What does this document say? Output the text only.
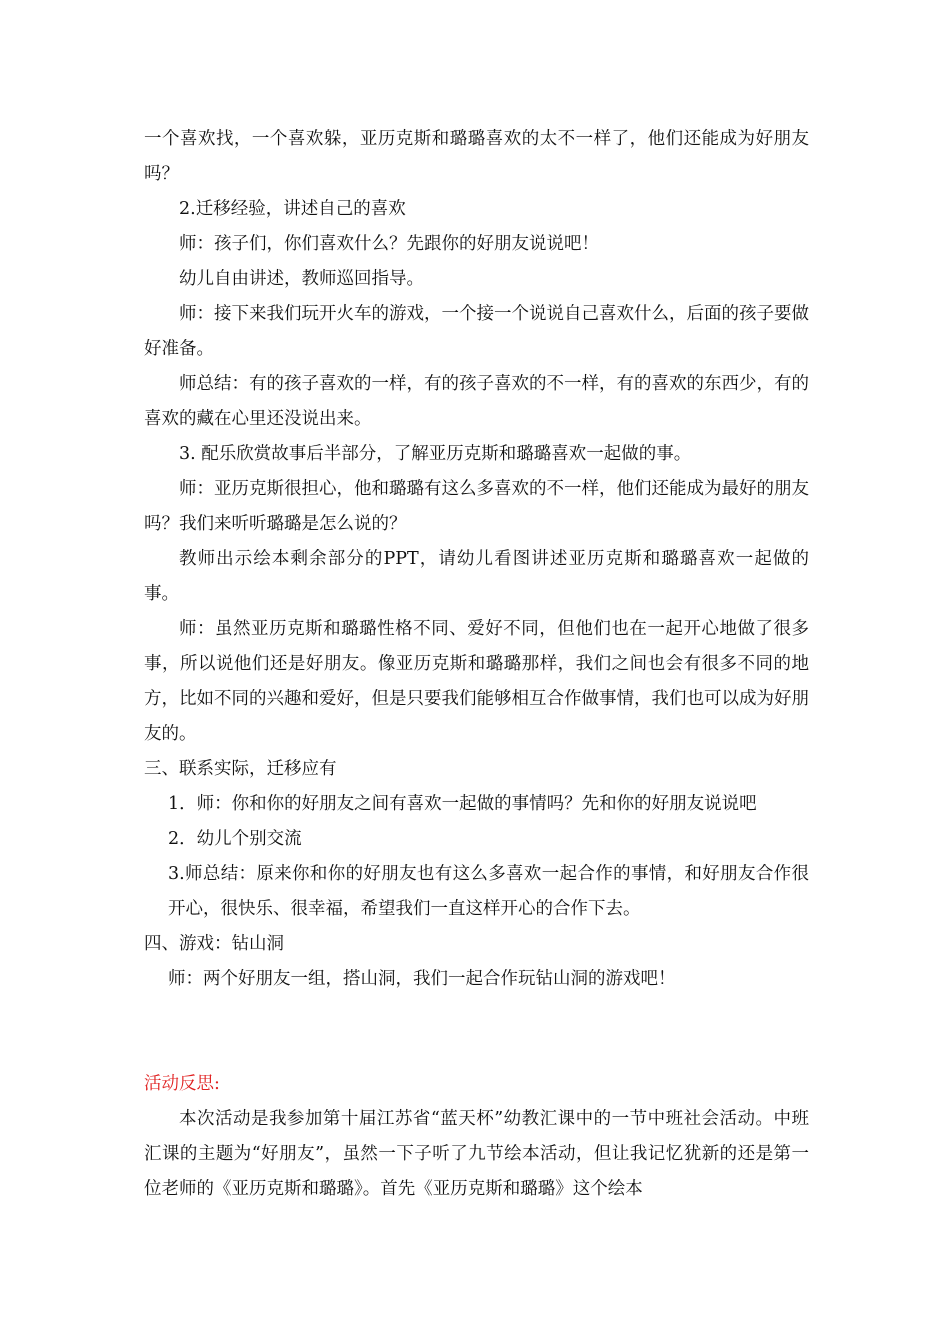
一个喜欢找，一个喜欢躲，亚历克斯和璐璐喜欢的太不一样了，他们还能成为好朋友吗？

2.迁移经验，讲述自己的喜欢

师：孩子们，你们喜欢什么？先跟你的好朋友说说吧！

幼儿自由讲述，教师巡回指导。

师：接下来我们玩开火车的游戏，一个接一个说说自己喜欢什么，后面的孩子要做好准备。

师总结：有的孩子喜欢的一样，有的孩子喜欢的不一样，有的喜欢的东西少，有的喜欢的藏在心里还没说出来。

3. 配乐欣赏故事后半部分，了解亚历克斯和璐璐喜欢一起做的事。

师：亚历克斯很担心，他和璐璐有这么多喜欢的不一样，他们还能成为最好的朋友吗？我们来听听璐璐是怎么说的？

教师出示绘本剩余部分的PPT，请幼儿看图讲述亚历克斯和璐璐喜欢一起做的事。

师：虽然亚历克斯和璐璐性格不同、爱好不同，但他们也在一起开心地做了很多事，所以说他们还是好朋友。像亚历克斯和璐璐那样，我们之间也会有很多不同的地方，比如不同的兴趣和爱好，但是只要我们能够相互合作做事情，我们也可以成为好朋友的。

三、联系实际，迁移应有

1．师：你和你的好朋友之间有喜欢一起做的事情吗？先和你的好朋友说说吧

2．幼儿个别交流

3.师总结：原来你和你的好朋友也有这么多喜欢一起合作的事情，和好朋友合作很开心，很快乐、很幸福，希望我们一直这样开心的合作下去。

四、游戏：钻山洞

师：两个好朋友一组，搭山洞，我们一起合作玩钻山洞的游戏吧！

活动反思:

本次活动是我参加第十届江苏省“蓝天杯”幼教汇课中的一节中班社会活动。中班汇课的主题为“好朋友”，虽然一下子听了九节绘本活动，但让我记忆犹新的还是第一位老师的《亚历克斯和璐璐》。首先《亚历克斯和璐璐》这个绘本
